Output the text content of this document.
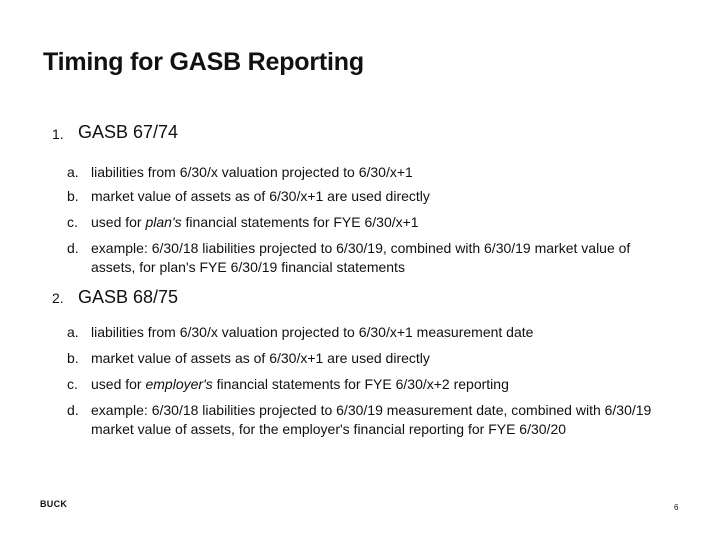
Timing for GASB Reporting
1. GASB 67/74
a. liabilities from 6/30/x valuation projected to 6/30/x+1
b. market value of assets as of 6/30/x+1 are used directly
c. used for plan's financial statements for FYE 6/30/x+1
d. example: 6/30/18 liabilities projected to 6/30/19, combined with 6/30/19 market value of assets, for plan's FYE 6/30/19 financial statements
2. GASB 68/75
a. liabilities from 6/30/x valuation projected to 6/30/x+1 measurement date
b. market value of assets as of 6/30/x+1 are used directly
c. used for employer's financial statements for FYE 6/30/x+2 reporting
d. example: 6/30/18 liabilities projected to 6/30/19 measurement date, combined with 6/30/19 market value of assets, for the employer's financial reporting for FYE 6/30/20
BUCK	6
